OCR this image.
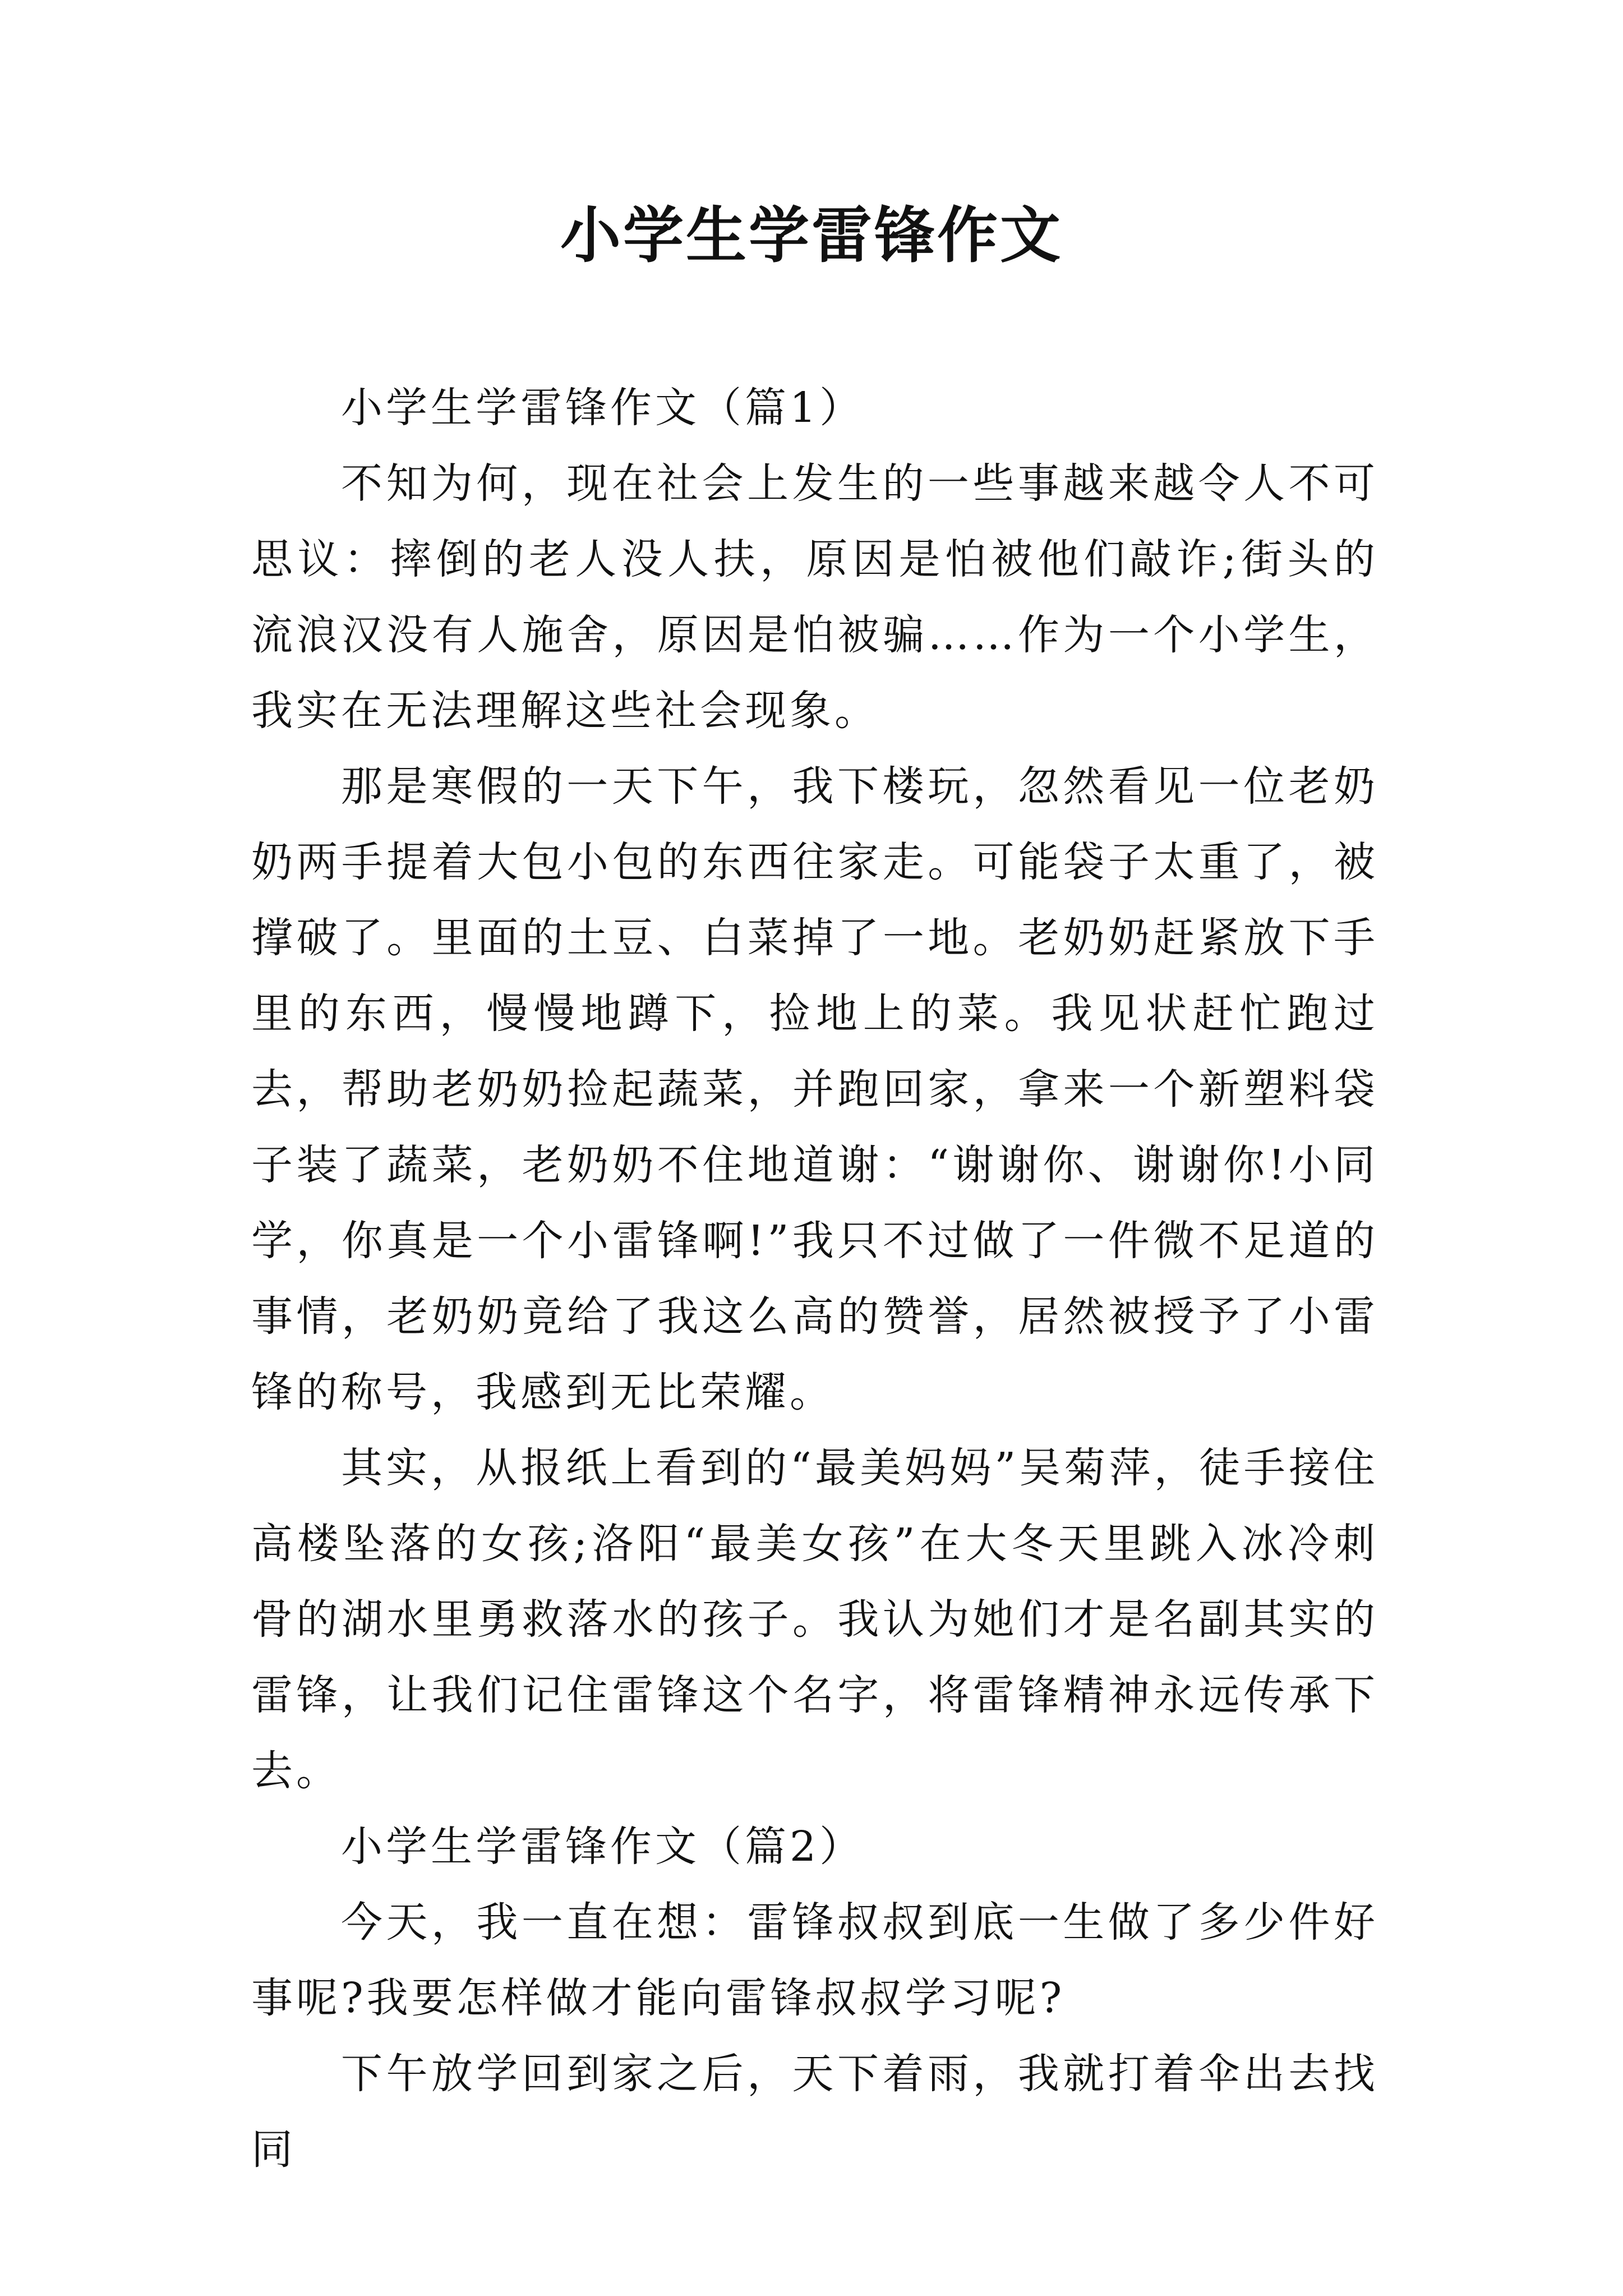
小学生学雷锋作文

小学生学雷锋作文（篇1）

不知为何，现在社会上发生的一些事越来越令人不可思议：摔倒的老人没人扶，原因是怕被他们敲诈;街头的流浪汉没有人施舍，原因是怕被骗……作为一个小学生，我实在无法理解这些社会现象。

那是寒假的一天下午，我下楼玩，忽然看见一位老奶奶两手提着大包小包的东西往家走。可能袋子太重了，被撑破了。里面的土豆、白菜掉了一地。老奶奶赶紧放下手里的东西，慢慢地蹲下，捡地上的菜。我见状赶忙跑过去，帮助老奶奶捡起蔬菜，并跑回家，拿来一个新塑料袋子装了蔬菜，老奶奶不住地道谢：“谢谢你、谢谢你!小同学，你真是一个小雷锋啊!”我只不过做了一件微不足道的事情，老奶奶竟给了我这么高的赞誉，居然被授予了小雷锋的称号，我感到无比荣耀。

其实，从报纸上看到的“最美妈妈”吴菊萍，徒手接住高楼坠落的女孩;洛阳“最美女孩”在大冬天里跳入冰冷刺骨的湖水里勇救落水的孩子。我认为她们才是名副其实的雷锋，让我们记住雷锋这个名字，将雷锋精神永远传承下去。

小学生学雷锋作文（篇2）

今天，我一直在想：雷锋叔叔到底一生做了多少件好事呢?我要怎样做才能向雷锋叔叔学习呢?

下午放学回到家之后，天下着雨，我就打着伞出去找同
